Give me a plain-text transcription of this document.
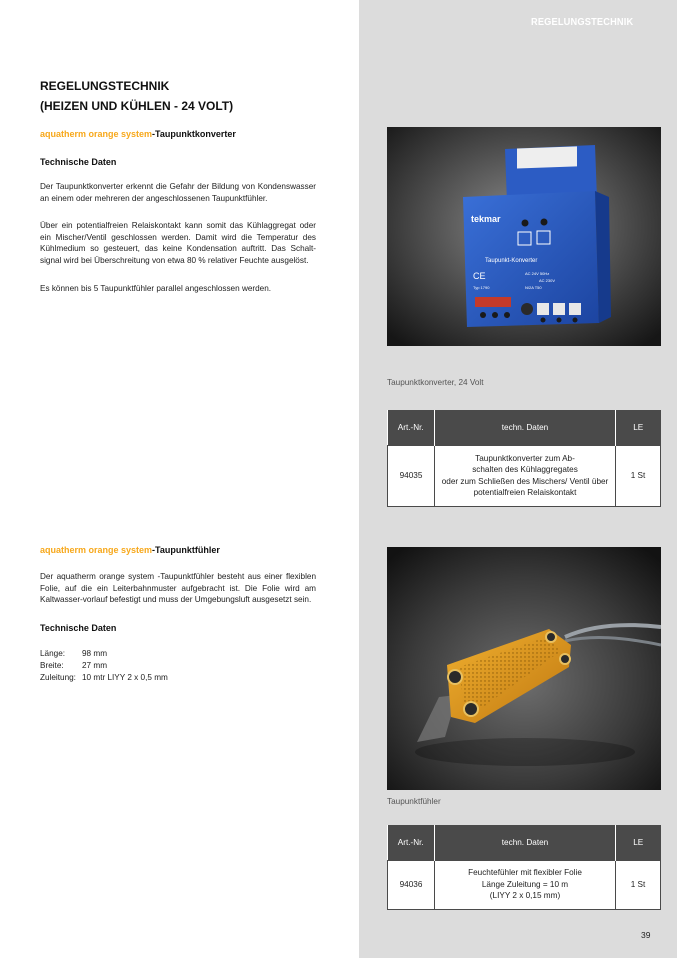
REGELUNGSTECHNIK
REGELUNGSTECHNIK
(HEIZEN UND KÜHLEN - 24 VOLT)
aquatherm orange system-Taupunktkonverter
Technische Daten
Der Taupunktkonverter erkennt die Gefahr der Bildung von Kondenswasser an einem oder mehreren der angeschlossenen Taupunktfühler.
Über ein potentialfreien Relaiskontakt kann somit das Kühlaggregat oder ein Mischer/Ventil geschlossen werden. Damit wird die Temperatur des Kühlmedium so gesteuert, das keine Kondensation auftritt. Das Schalt-signal wird bei Überschreitung von etwa 80 % relativer Feuchte ausgelöst.
Es können bis 5 Taupunktfühler parallel angeschlossen werden.
tekmar
Taupunkt-Konverter
CE
Typ 1790
AC 24V 50Hz
AC 230V
N/2A T50
Taupunktkonverter, 24 Volt
Art.-Nr.	techn. Daten	LE
94035	Taupunktkonverter zum Ab-
schalten des Kühlaggregates
oder zum Schließen des Mischers/ Ventil über
potentialfreien Relaiskontakt	1 St
aquatherm orange system-Taupunktfühler
Der aquatherm orange system -Taupunktfühler besteht aus einer flexiblen Folie, auf die ein Leiterbahnmuster aufgebracht ist. Die Folie wird am Kaltwasser-vorlauf befestigt und muss der Umgebungsluft ausgesetzt sein.
Technische Daten
Länge: 98 mm
Breite: 27 mm
Zuleitung: 10 mtr LIYY 2 x 0,5 mm
Taupunktfühler
Art.-Nr.	techn. Daten	LE
94036	Feuchtefühler mit flexibler Folie
Länge Zuleitung = 10 m
(LIYY 2 x 0,15 mm)	1 St
39
